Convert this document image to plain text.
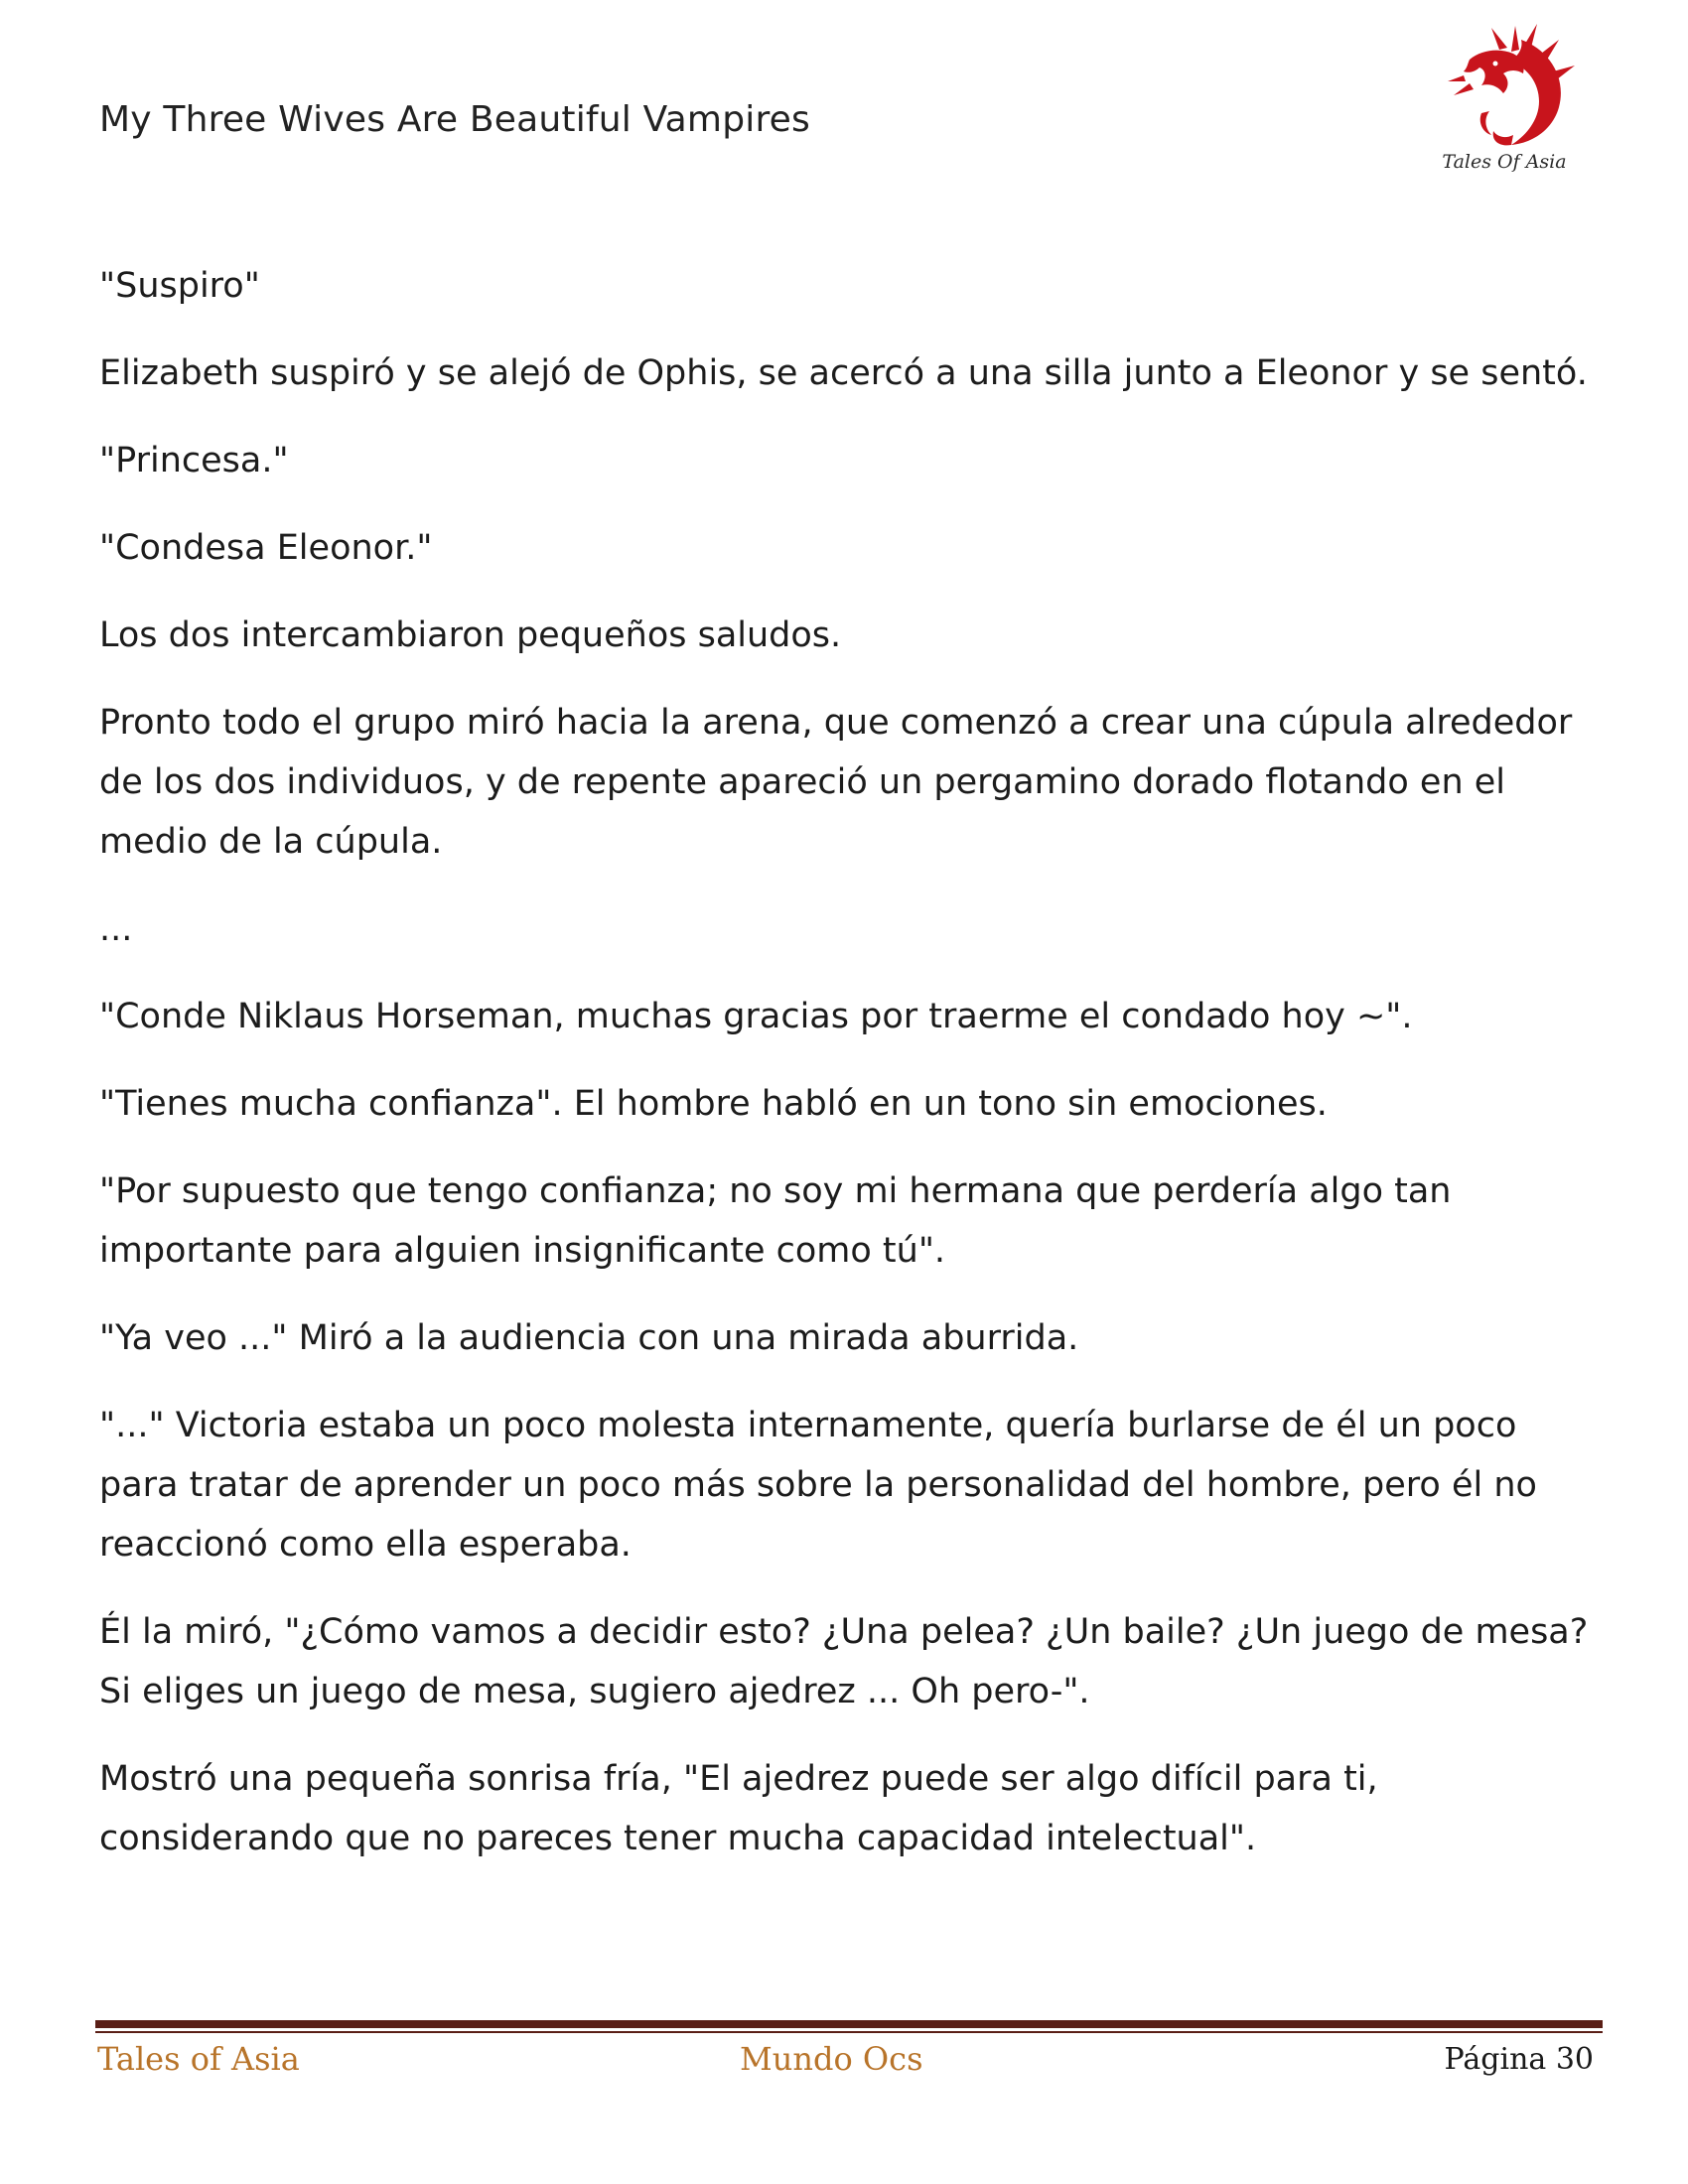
My Three Wives Are Beautiful Vampires
Tales Of Asia

"Suspiro"

Elizabeth suspiró y se alejó de Ophis, se acercó a una silla junto a Eleonor y se sentó.

"Princesa."

"Condesa Eleonor."

Los dos intercambiaron pequeños saludos.

Pronto todo el grupo miró hacia la arena, que comenzó a crear una cúpula alrededor de los dos individuos, y de repente apareció un pergamino dorado flotando en el medio de la cúpula.

...

"Conde Niklaus Horseman, muchas gracias por traerme el condado hoy ~".

"Tienes mucha confianza". El hombre habló en un tono sin emociones.

"Por supuesto que tengo confianza; no soy mi hermana que perdería algo tan importante para alguien insignificante como tú".

"Ya veo ..." Miró a la audiencia con una mirada aburrida.

"..." Victoria estaba un poco molesta internamente, quería burlarse de él un poco para tratar de aprender un poco más sobre la personalidad del hombre, pero él no reaccionó como ella esperaba.

Él la miró, "¿Cómo vamos a decidir esto? ¿Una pelea? ¿Un baile? ¿Un juego de mesa? Si eliges un juego de mesa, sugiero ajedrez ... Oh pero-".

Mostró una pequeña sonrisa fría, "El ajedrez puede ser algo difícil para ti, considerando que no pareces tener mucha capacidad intelectual".

Tales of Asia	Mundo Ocs	Página 30
